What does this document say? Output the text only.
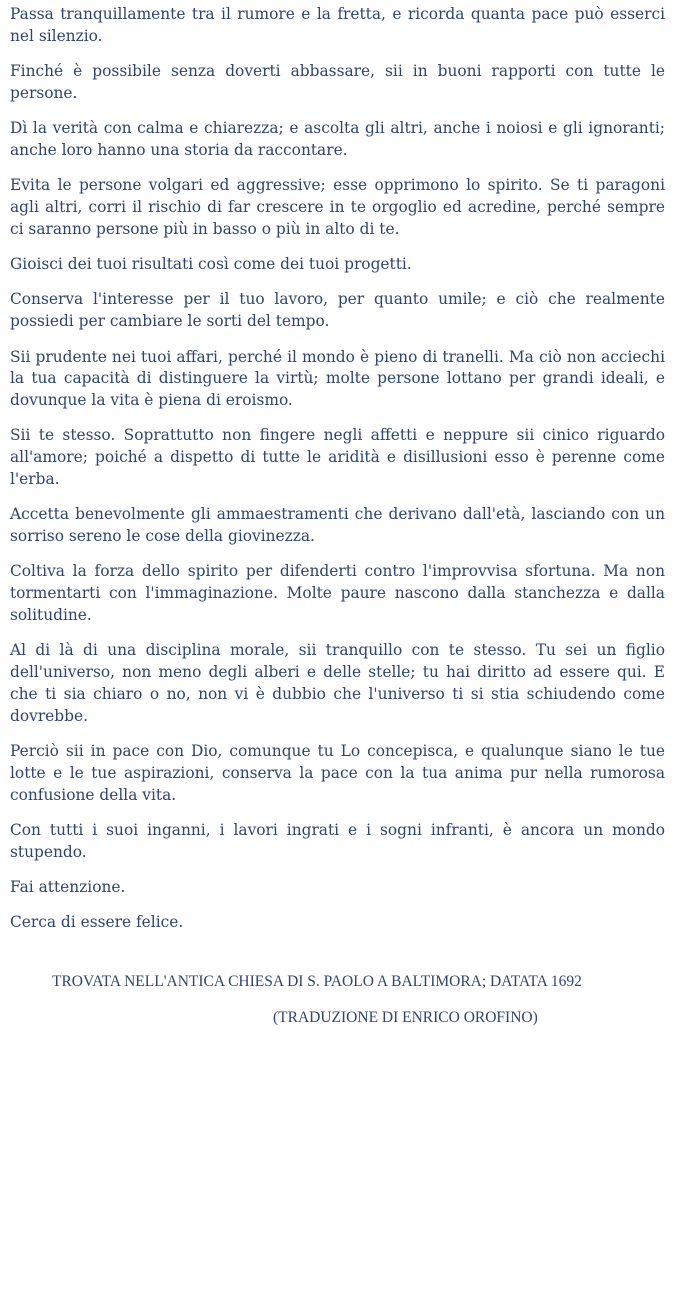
Passa tranquillamente tra il rumore e la fretta, e ricorda quanta pace può esserci nel silenzio.

Finché è possibile senza doverti abbassare, sii in buoni rapporti con tutte le persone.

Dì la verità con calma e chiarezza; e ascolta gli altri, anche i noiosi e gli ignoranti; anche loro hanno una storia da raccontare.

Evita le persone volgari ed aggressive; esse opprimono lo spirito. Se ti paragoni agli altri, corri il rischio di far crescere in te orgoglio ed acredine, perché sempre ci saranno persone più in basso o più in alto di te.

Gioisci dei tuoi risultati così come dei tuoi progetti.

Conserva l'interesse per il tuo lavoro, per quanto umile; e ciò che realmente possiedi per cambiare le sorti del tempo.

Sii prudente nei tuoi affari, perché il mondo è pieno di tranelli. Ma ciò non acciechi la tua capacità di distinguere la virtù; molte persone lottano per grandi ideali, e dovunque la vita è piena di eroismo.

Sii te stesso. Soprattutto non fingere negli affetti e neppure sii cinico riguardo all'amore; poiché a dispetto di tutte le aridità e disillusioni esso è perenne come l'erba.

Accetta benevolmente gli ammaestramenti che derivano dall'età, lasciando con un sorriso sereno le cose della giovinezza.

Coltiva la forza dello spirito per difenderti contro l'improvvisa sfortuna. Ma non tormentarti con l'immaginazione. Molte paure nascono dalla stanchezza e dalla solitudine.

Al di là di una disciplina morale, sii tranquillo con te stesso. Tu sei un figlio dell'universo, non meno degli alberi e delle stelle; tu hai diritto ad essere qui. E che ti sia chiaro o no, non vi è dubbio che l'universo ti si stia schiudendo come dovrebbe.

Perciò sii in pace con Dio, comunque tu Lo concepisca, e qualunque siano le tue lotte e le tue aspirazioni, conserva la pace con la tua anima pur nella rumorosa confusione della vita.

Con tutti i suoi inganni, i lavori ingrati e i sogni infranti, è ancora un mondo stupendo.

Fai attenzione.

Cerca di essere felice.

TROVATA NELL'ANTICA CHIESA DI S. PAOLO A BALTIMORA; DATATA 1692
(TRADUZIONE DI ENRICO OROFINO)
